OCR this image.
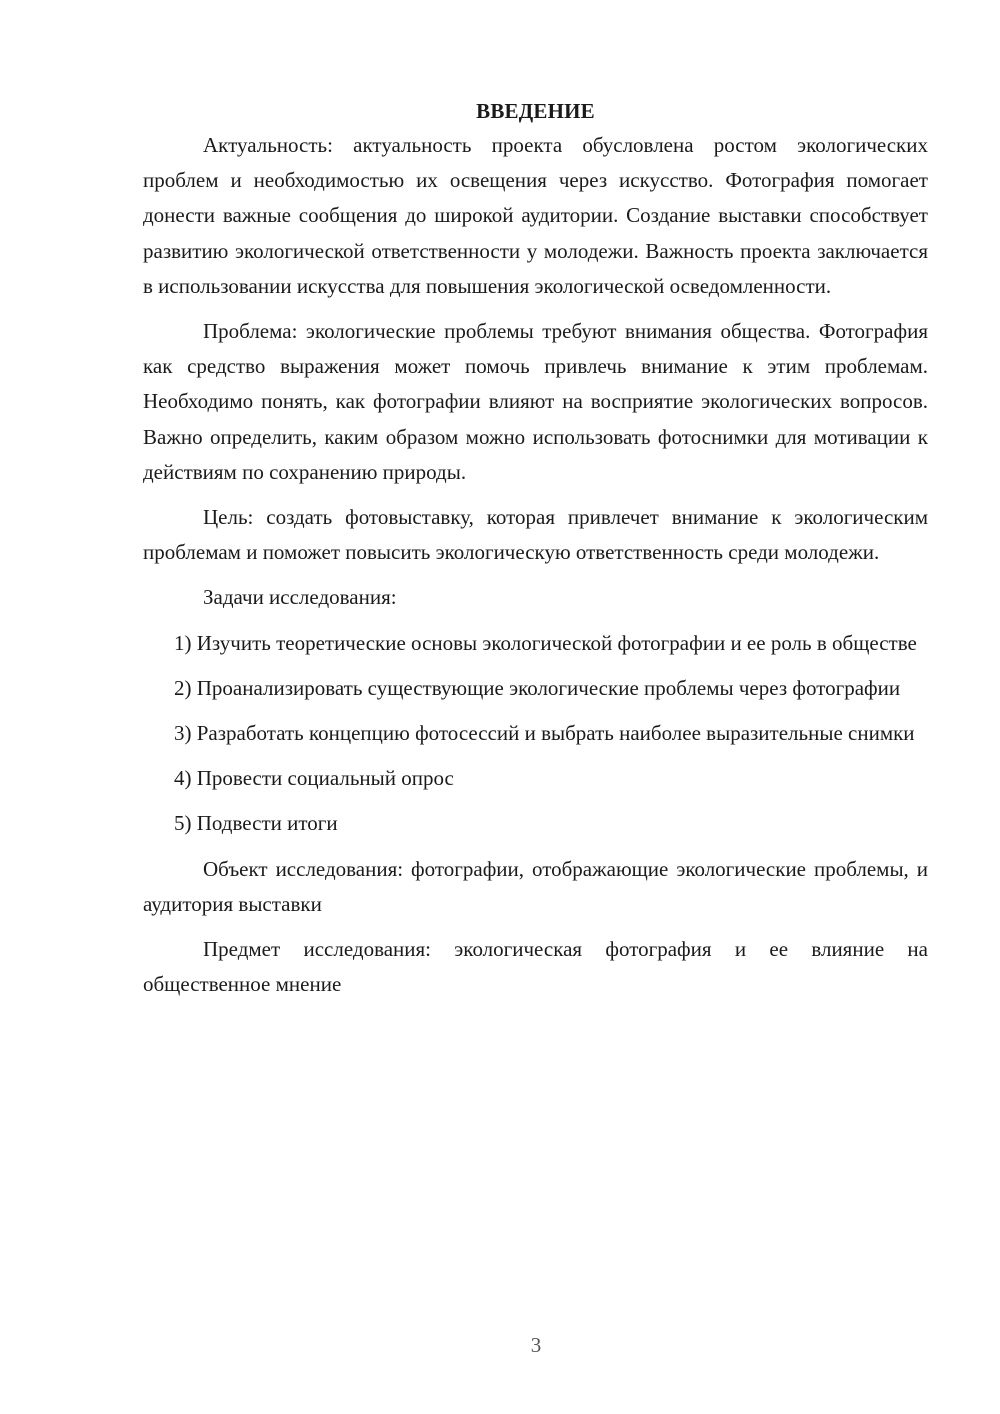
ВВЕДЕНИЕ

Актуальность: актуальность проекта обусловлена ростом экологических проблем и необходимостью их освещения через искусство. Фотография помогает донести важные сообщения до широкой аудитории. Создание выставки способствует развитию экологической ответственности у молодежи. Важность проекта заключается в использовании искусства для повышения экологической осведомленности.

Проблема: экологические проблемы требуют внимания общества. Фотография как средство выражения может помочь привлечь внимание к этим проблемам. Необходимо понять, как фотографии влияют на восприятие экологических вопросов. Важно определить, каким образом можно использовать фотоснимки для мотивации к действиям по сохранению природы.

Цель: создать фотовыставку, которая привлечет внимание к экологическим проблемам и поможет повысить экологическую ответственность среди молодежи.

Задачи исследования:

1) Изучить теоретические основы экологической фотографии и ее роль в обществе

2) Проанализировать существующие экологические проблемы через фотографии

3) Разработать концепцию фотосессий и выбрать наиболее выразительные снимки

4) Провести социальный опрос

5) Подвести итоги

Объект исследования: фотографии, отображающие экологические проблемы, и аудитория выставки

Предмет исследования: экологическая фотография и ее влияние на общественное мнение

3
